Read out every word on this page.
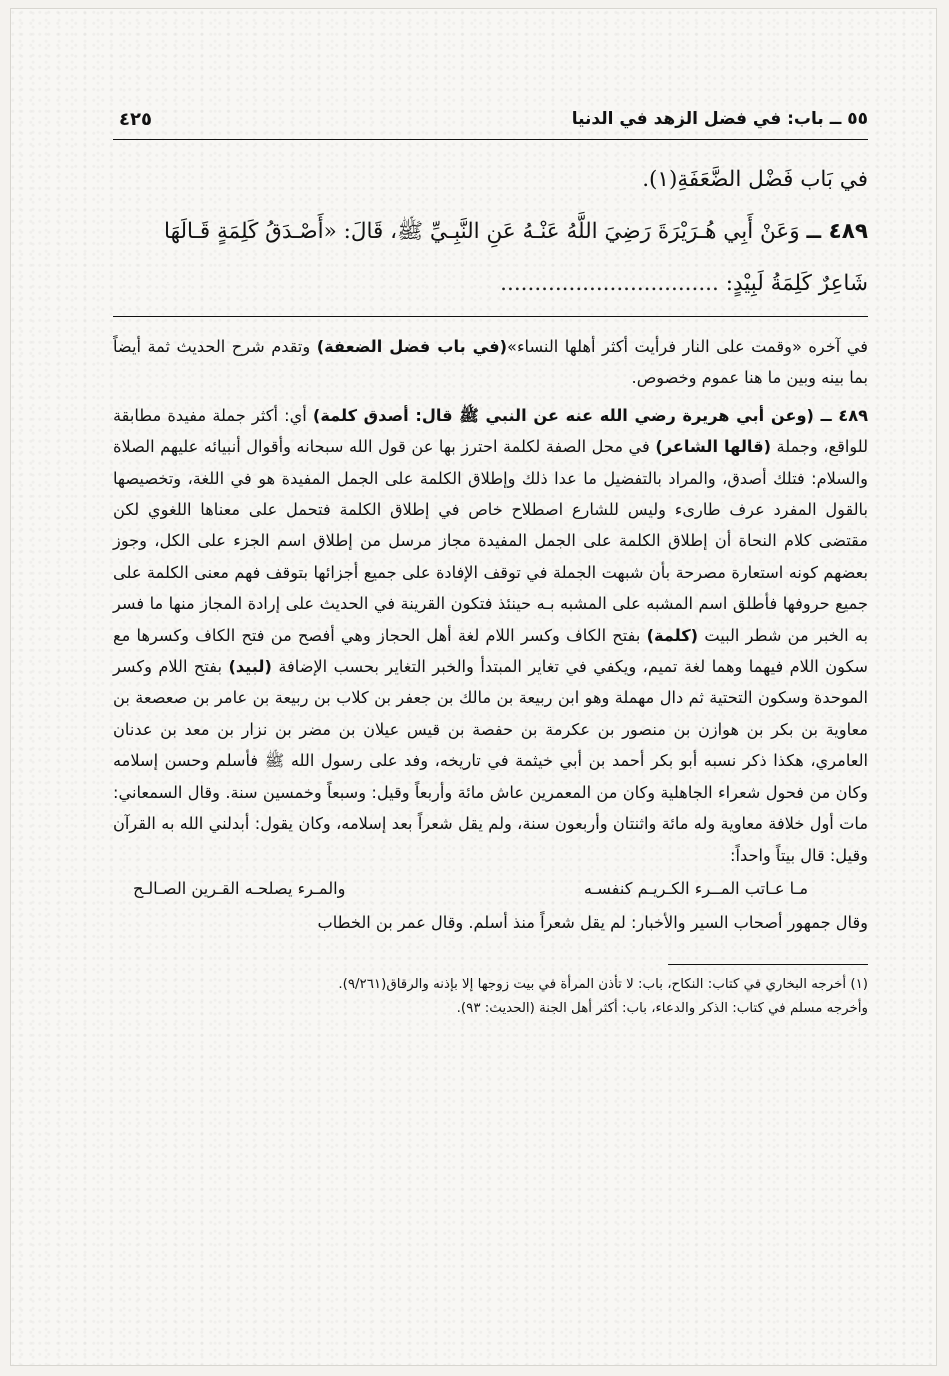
٥٥ ــ باب: في فضل الزهد في الدنيا
٤٢٥

في بَاب فَضْل الضَّعَفَةِ(١).

٤٨٩ ــ وَعَنْ أَبِي هُـرَيْرَةَ رَضِيَ اللَّهُ عَنْـهُ عَنِ النَّبِـيِّ ﷺ، قَالَ: «أَصْـدَقُ كَلِمَةٍ قَـالَهَا

شَاعِرٌ كَلِمَةُ لَبِيْدٍ: ................................

في آخره «وقمت على النار فرأيت أكثر أهلها النساء»(في باب فضل الضعفة) وتقدم شرح الحديث ثمة أيضاً بما بينه وبين ما هنا عموم وخصوص.

٤٨٩ ــ (وعن أبي هريرة رضي الله عنه عن النبي ﷺ قال: أصدق كلمة) أي: أكثر جملة مفيدة مطابقة للواقع، وجملة (قالها الشاعر) في محل الصفة لكلمة احترز بها عن قول الله سبحانه وأقوال أنبيائه عليهم الصلاة والسلام: فتلك أصدق، والمراد بالتفضيل ما عدا ذلك وإطلاق الكلمة على الجمل المفيدة هو في اللغة، وتخصيصها بالقول المفرد عرف طارىء وليس للشارع اصطلاح خاص في إطلاق الكلمة فتحمل على معناها اللغوي لكن مقتضى كلام النحاة أن إطلاق الكلمة على الجمل المفيدة مجاز مرسل من إطلاق اسم الجزء على الكل، وجوز بعضهم كونه استعارة مصرحة بأن شبهت الجملة في توقف الإفادة على جميع أجزائها بتوقف فهم معنى الكلمة على جميع حروفها فأطلق اسم المشبه على المشبه بـه حينئذ فتكون القرينة في الحديث على إرادة المجاز منها ما فسر به الخبر من شطر البيت (كلمة) بفتح الكاف وكسر اللام لغة أهل الحجاز وهي أفصح من فتح الكاف وكسرها مع سكون اللام فيهما وهما لغة تميم، ويكفي في تغاير المبتدأ والخبر التغاير بحسب الإضافة (لبيد) بفتح اللام وكسر الموحدة وسكون التحتية ثم دال مهملة وهو ابن ربيعة بن مالك بن جعفر بن كلاب بن ربيعة بن عامر بن صعصعة بن معاوية بن بكر بن هوازن بن منصور بن عكرمة بن حفصة بن قيس عيلان بن مضر بن نزار بن معد بن عدنان العامري، هكذا ذكر نسبه أبو بكر أحمد بن أبي خيثمة في تاريخه، وفد على رسول الله ﷺ فأسلم وحسن إسلامه وكان من فحول شعراء الجاهلية وكان من المعمرين عاش مائة وأربعاً وقيل: وسبعاً وخمسين سنة. وقال السمعاني: مات أول خلافة معاوية وله مائة واثنتان وأربعون سنة، ولم يقل شعراً بعد إسلامه، وكان يقول: أبدلني الله به القرآن وقيل: قال بيتاً واحداً:

مـا عـاتب المــرء الكـريـم كنفسـه
والمـرء يصلحـه القـرين الصـالـح

وقال جمهور أصحاب السير والأخبار: لم يقل شعراً منذ أسلم. وقال عمر بن الخطاب

(١) أخرجه البخاري في كتاب: النكاح، باب: لا تأذن المرأة في بيت زوجها إلا بإذنه والرقاق(٩/٢٦١).

وأخرجه مسلم في كتاب: الذكر والدعاء، باب: أكثر أهل الجنة (الحديث: ٩٣).
